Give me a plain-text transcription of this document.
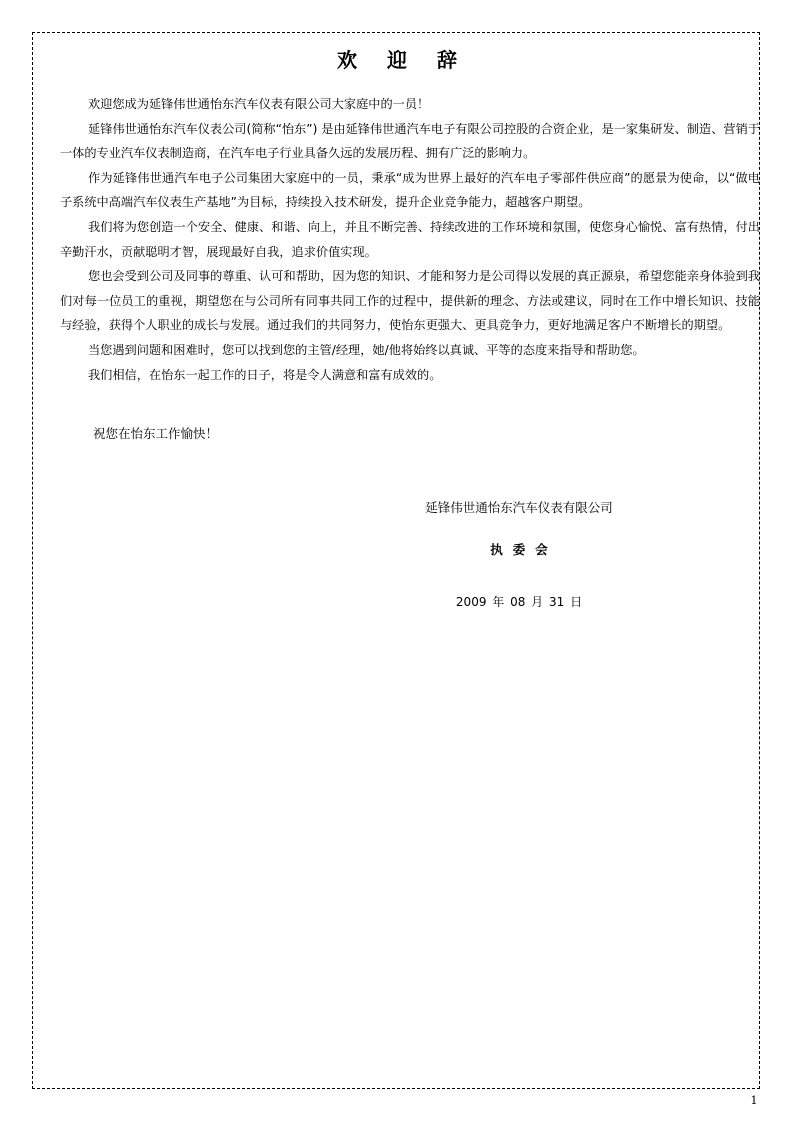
欢迎辞

欢迎您成为延锋伟世通怡东汽车仪表有限公司大家庭中的一员！

延锋伟世通怡东汽车仪表公司(简称“怡东”) 是由延锋伟世通汽车电子有限公司控股的合资企业，是一家集研发、制造、营销于一体的专业汽车仪表制造商，在汽车电子行业具备久远的发展历程、拥有广泛的影响力。

作为延锋伟世通汽车电子公司集团大家庭中的一员，秉承“成为世界上最好的汽车电子零部件供应商”的愿景为使命，以“做电子系统中高端汽车仪表生产基地”为目标，持续投入技术研发，提升企业竞争能力，超越客户期望。

我们将为您创造一个安全、健康、和谐、向上，并且不断完善、持续改进的工作环境和氛围，使您身心愉悦、富有热情，付出辛勤汗水，贡献聪明才智，展现最好自我，追求价值实现。

您也会受到公司及同事的尊重、认可和帮助，因为您的知识、才能和努力是公司得以发展的真正源泉，希望您能亲身体验到我们对每一位员工的重视，期望您在与公司所有同事共同工作的过程中，提供新的理念、方法或建议，同时在工作中增长知识、技能与经验，获得个人职业的成长与发展。通过我们的共同努力，使怡东更强大、更具竞争力，更好地满足客户不断增长的期望。

当您遇到问题和困难时，您可以找到您的主管/经理，她/他将始终以真诚、平等的态度来指导和帮助您。

我们相信，在怡东一起工作的日子，将是令人满意和富有成效的。

祝您在怡东工作愉快！
延锋伟世通怡东汽车仪表有限公司
执委会
2009 年 08 月 31 日
1
